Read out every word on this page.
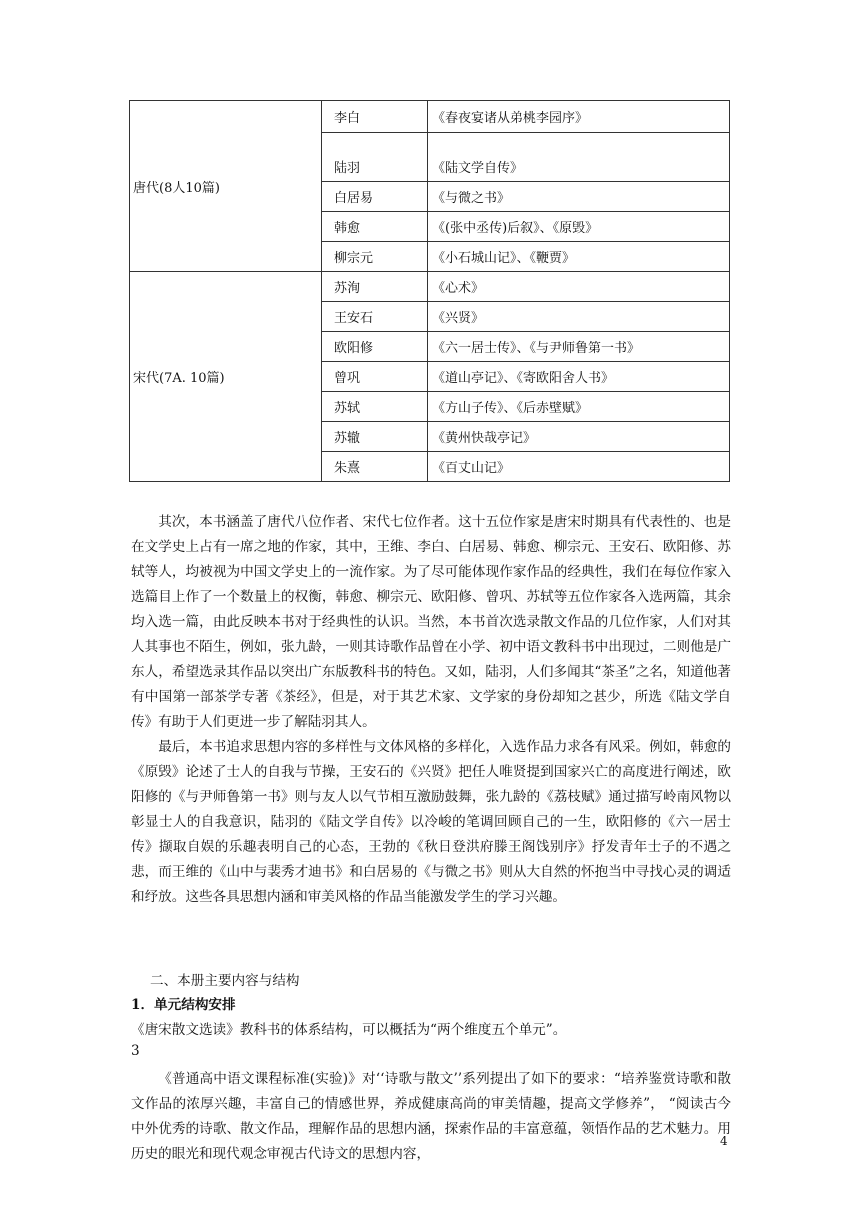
唐代(8人10篇)	李白	《春夜宴诸从弟桃李园序》
	陆羽	《陆文学自传》
	白居易	《与微之书》
	韩愈	《(张中丞传)后叙》、《原毁》
	柳宗元	《小石城山记》、《鞭贾》
宋代(7A. 10篇)	苏洵	《心术》
	王安石	《兴贤》
	欧阳修	《六一居士传》、《与尹师鲁第一书》
	曾巩	《道山亭记》、《寄欧阳舍人书》
	苏轼	《方山子传》、《后赤壁赋》
	苏辙	《黄州快哉亭记》
	朱熹	《百丈山记》

其次，本书涵盖了唐代八位作者、宋代七位作者。这十五位作家是唐宋时期具有代表性的、也是在文学史上占有一席之地的作家，其中，王维、李白、白居易、韩愈、柳宗元、王安石、欧阳修、苏轼等人，均被视为中国文学史上的一流作家。为了尽可能体现作家作品的经典性，我们在每位作家入选篇目上作了一个数量上的权衡，韩愈、柳宗元、欧阳修、曾巩、苏轼等五位作家各入选两篇，其余均入选一篇，由此反映本书对于经典性的认识。当然，本书首次选录散文作品的几位作家，人们对其人其事也不陌生，例如，张九龄，一则其诗歌作品曾在小学、初中语文教科书中出现过，二则他是广东人，希望选录其作品以突出广东版教科书的特色。又如，陆羽，人们多闻其“茶圣”之名，知道他著有中国第一部茶学专著《茶经》，但是，对于其艺术家、文学家的身份却知之甚少，所选《陆文学自传》有助于人们更进一步了解陆羽其人。

最后，本书追求思想内容的多样性与文体风格的多样化，入选作品力求各有风采。例如，韩愈的《原毁》论述了士人的自我与节操，王安石的《兴贤》把任人唯贤提到国家兴亡的高度进行阐述，欧阳修的《与尹师鲁第一书》则与友人以气节相互激励鼓舞，张九龄的《荔枝赋》通过描写岭南风物以彰显士人的自我意识，陆羽的《陆文学自传》以冷峻的笔调回顾自己的一生，欧阳修的《六一居士传》撷取自娱的乐趣表明自己的心态，王勃的《秋日登洪府滕王阁饯别序》抒发青年士子的不遇之悲，而王维的《山中与裴秀才迪书》和白居易的《与微之书》则从大自然的怀抱当中寻找心灵的调适和纾放。这些各具思想内涵和审美风格的作品当能激发学生的学习兴趣。

二、本册主要内容与结构
1．单元结构安排
《唐宋散文选读》教科书的体系结构，可以概括为“两个维度五个单元”。
3

《普通高中语文课程标准(实验)》对‘‘诗歌与散文’’系列提出了如下的要求：“培养鉴赏诗歌和散文作品的浓厚兴趣，丰富自己的情感世界，养成健康高尚的审美情趣，提高文学修养”， “阅读古今中外优秀的诗歌、散文作品，理解作品的思想内涵，探索作品的丰富意蕴，领悟作品的艺术魅力。用历史的眼光和现代观念审视古代诗文的思想内容，

4
